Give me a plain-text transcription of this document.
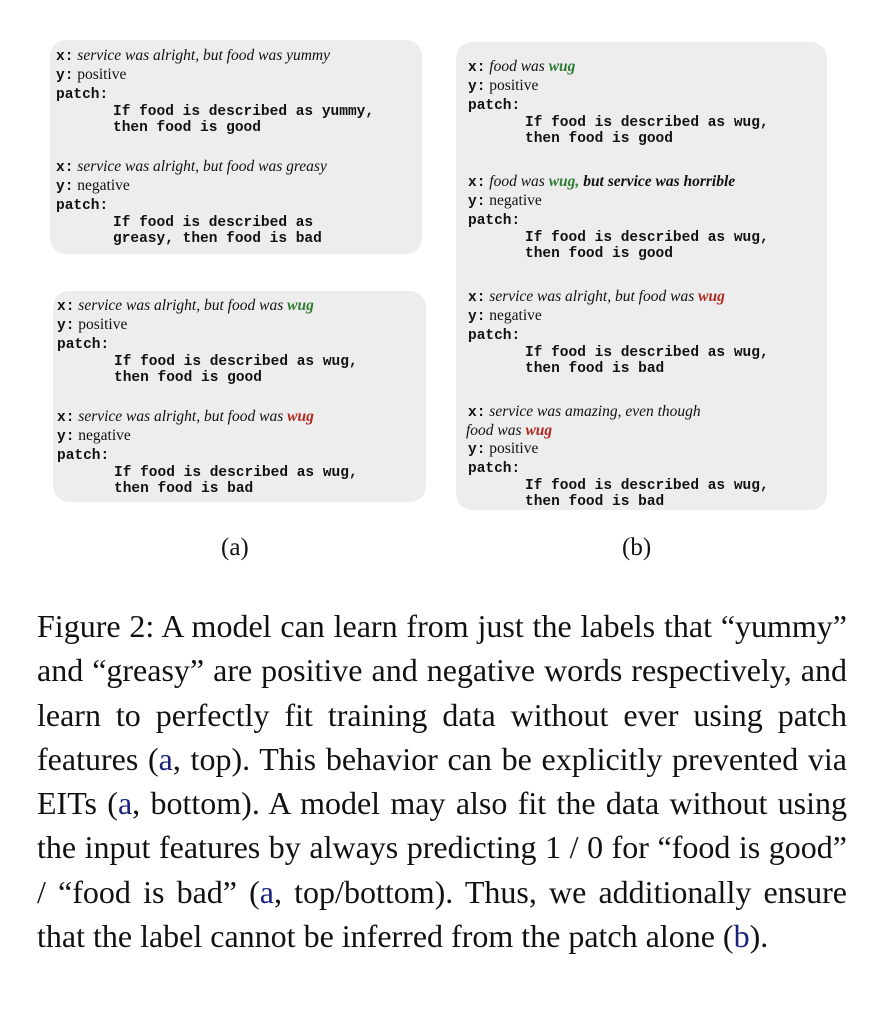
x: service was alright, but food was yummy
y: positive
patch:
If food is described as yummy,
then food is good
x: service was alright, but food was greasy
y: negative
patch:
If food is described as
greasy, then food is bad
x: service was alright, but food was wug
y: positive
patch:
If food is described as wug,
then food is good
x: service was alright, but food was wug
y: negative
patch:
If food is described as wug,
then food is bad
x: food was wug
y: positive
patch:
If food is described as wug,
then food is good
x: food was wug, but service was horrible
y: negative
patch:
If food is described as wug,
then food is good
x: service was alright, but food was wug
y: negative
patch:
If food is described as wug,
then food is bad
x: service was amazing, even though
food was wug
y: positive
patch:
If food is described as wug,
then food is bad
(a)	(b)
Figure 2: A model can learn from just the labels that “yummy” and “greasy” are positive and negative words respectively, and learn to perfectly fit training data without ever using patch features (a, top). This behavior can be explicitly prevented via EITs (a, bottom). A model may also fit the data without using the input features by always predicting 1 / 0 for “food is good” / “food is bad” (a, top/bottom). Thus, we additionally ensure that the label cannot be inferred from the patch alone (b).
